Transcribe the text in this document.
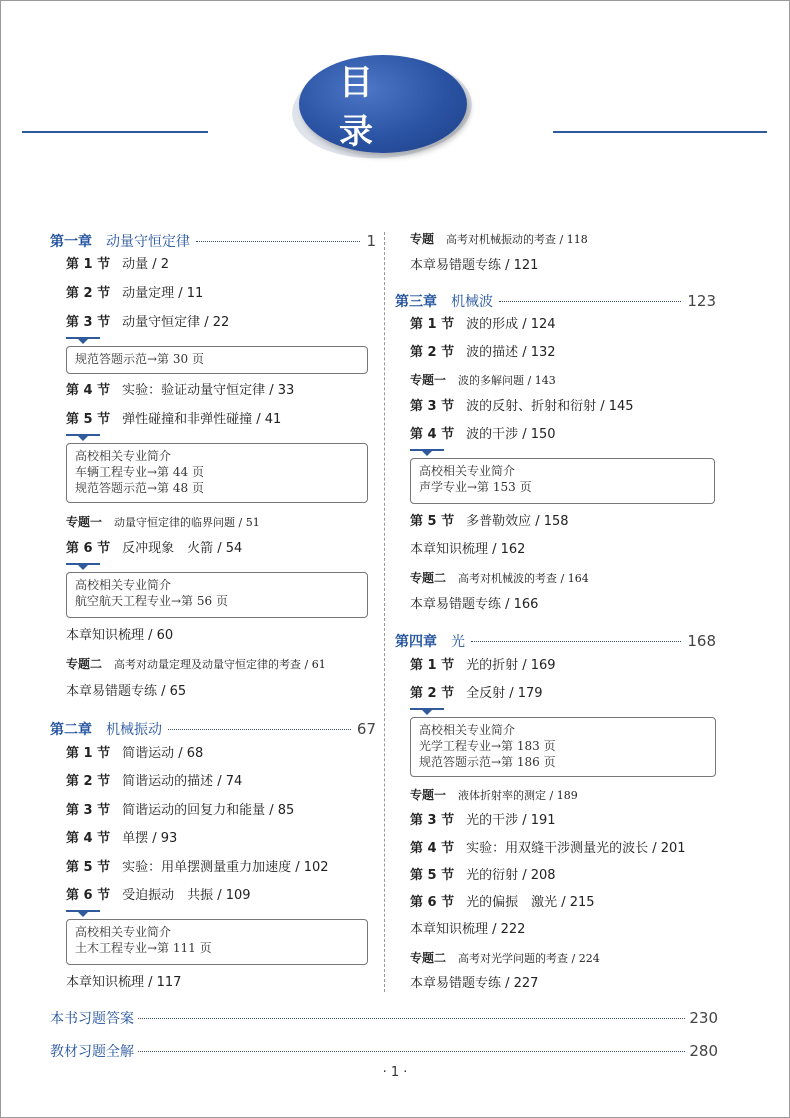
目 录
第一章 动量守恒定律	1
第 1 节 动量 / 2
第 2 节 动量定理 / 11
第 3 节 动量守恒定律 / 22
规范答题示范→第 30 页
第 4 节 实验：验证动量守恒定律 / 33
第 5 节 弹性碰撞和非弹性碰撞 / 41
高校相关专业简介
车辆工程专业→第 44 页
规范答题示范→第 48 页
专题一 动量守恒定律的临界问题 / 51
第 6 节 反冲现象　火箭 / 54
高校相关专业简介
航空航天工程专业→第 56 页
本章知识梳理 / 60
专题二 高考对动量定理及动量守恒定律的考查 / 61
本章易错题专练 / 65
第二章 机械振动	67
第 1 节 简谐运动 / 68
第 2 节 简谐运动的描述 / 74
第 3 节 简谐运动的回复力和能量 / 85
第 4 节 单摆 / 93
第 5 节 实验：用单摆测量重力加速度 / 102
第 6 节 受迫振动　共振 / 109
高校相关专业简介
土木工程专业→第 111 页
本章知识梳理 / 117
专题 高考对机械振动的考查 / 118
本章易错题专练 / 121
第三章 机械波	123
第 1 节 波的形成 / 124
第 2 节 波的描述 / 132
专题一 波的多解问题 / 143
第 3 节 波的反射、折射和衍射 / 145
第 4 节 波的干涉 / 150
高校相关专业简介
声学专业→第 153 页
第 5 节 多普勒效应 / 158
本章知识梳理 / 162
专题二 高考对机械波的考查 / 164
本章易错题专练 / 166
第四章 光	168
第 1 节 光的折射 / 169
第 2 节 全反射 / 179
高校相关专业简介
光学工程专业→第 183 页
规范答题示范→第 186 页
专题一 液体折射率的测定 / 189
第 3 节 光的干涉 / 191
第 4 节 实验：用双缝干涉测量光的波长 / 201
第 5 节 光的衍射 / 208
第 6 节 光的偏振　激光 / 215
本章知识梳理 / 222
专题二 高考对光学问题的考查 / 224
本章易错题专练 / 227
本书习题答案	230
教材习题全解	280
· 1 ·
